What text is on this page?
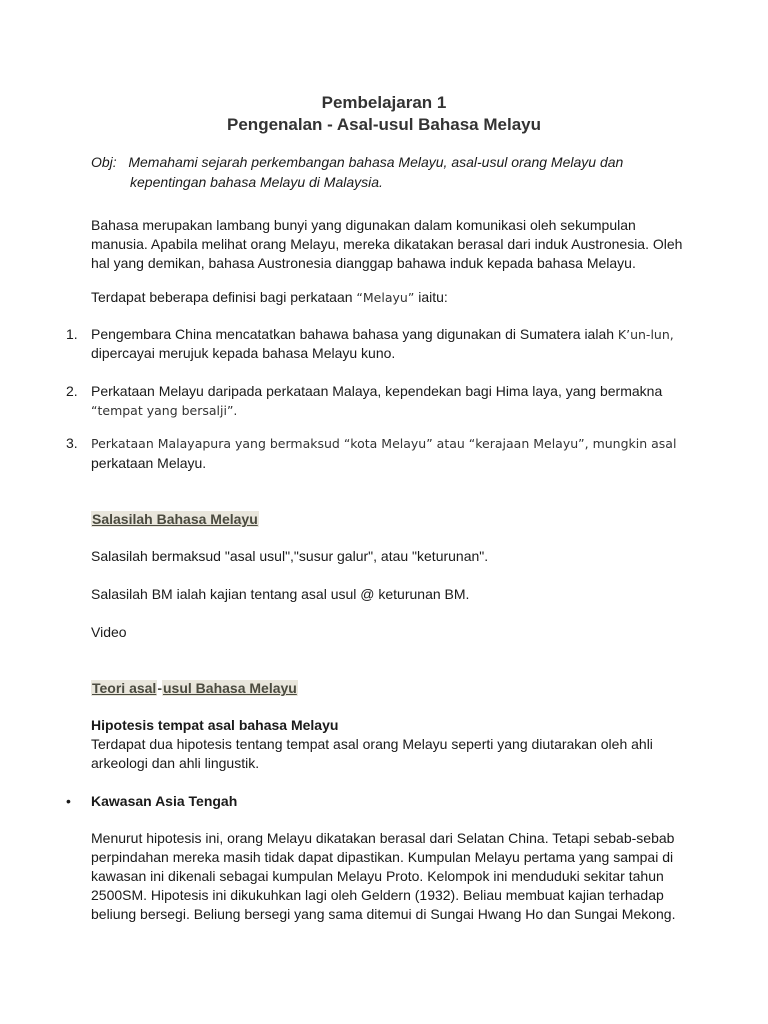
Pembelajaran 1
Pengenalan - Asal-usul Bahasa Melayu
Obj: Memahami sejarah perkembangan bahasa Melayu, asal-usul orang Melayu dan
kepentingan bahasa Melayu di Malaysia.
Bahasa merupakan lambang bunyi yang digunakan dalam komunikasi oleh sekumpulan
manusia. Apabila melihat orang Melayu, mereka dikatakan berasal dari induk Austronesia. Oleh
hal yang demikan, bahasa Austronesia dianggap bahawa induk kepada bahasa Melayu.
Terdapat beberapa definisi bagi perkataan “Melayu” iaitu:
1. Pengembara China mencatatkan bahawa bahasa yang digunakan di Sumatera ialah K’un-lun,
dipercayai merujuk kepada bahasa Melayu kuno.
2. Perkataan Melayu daripada perkataan Malaya, kependekan bagi Hima laya, yang bermakna
“tempat yang bersalji”.
3. Perkataan Malayapura yang bermaksud “kota Melayu” atau “kerajaan Melayu”, mungkin asal
perkataan Melayu.
Salasilah Bahasa Melayu
Salasilah bermaksud "asal usul","susur galur", atau "keturunan".
Salasilah BM ialah kajian tentang asal usul @ keturunan BM.
Video
Teori asal-usul Bahasa Melayu
Hipotesis tempat asal bahasa Melayu
Terdapat dua hipotesis tentang tempat asal orang Melayu seperti yang diutarakan oleh ahli
arkeologi dan ahli lingustik.
• Kawasan Asia Tengah
Menurut hipotesis ini, orang Melayu dikatakan berasal dari Selatan China. Tetapi sebab-sebab
perpindahan mereka masih tidak dapat dipastikan. Kumpulan Melayu pertama yang sampai di
kawasan ini dikenali sebagai kumpulan Melayu Proto. Kelompok ini menduduki sekitar tahun
2500SM. Hipotesis ini dikukuhkan lagi oleh Geldern (1932). Beliau membuat kajian terhadap
beliung bersegi. Beliung bersegi yang sama ditemui di Sungai Hwang Ho dan Sungai Mekong.
